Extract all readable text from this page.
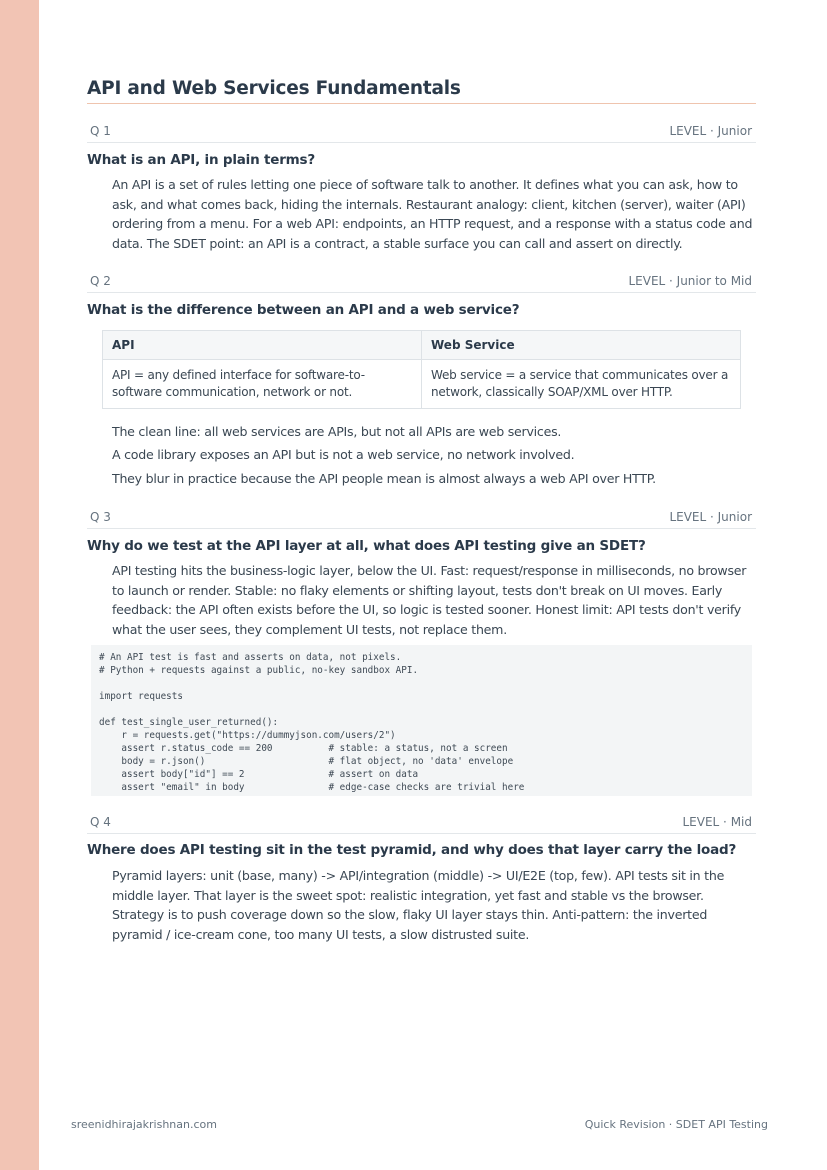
API and Web Services Fundamentals
Q 1	LEVEL · Junior
What is an API, in plain terms?
An API is a set of rules letting one piece of software talk to another. It defines what you can ask, how to ask, and what comes back, hiding the internals. Restaurant analogy: client, kitchen (server), waiter (API) ordering from a menu. For a web API: endpoints, an HTTP request, and a response with a status code and data. The SDET point: an API is a contract, a stable surface you can call and assert on directly.
Q 2	LEVEL · Junior to Mid
What is the difference between an API and a web service?
API	Web Service
API = any defined interface for software-to-software communication, network or not.	Web service = a service that communicates over a network, classically SOAP/XML over HTTP.
The clean line: all web services are APIs, but not all APIs are web services.
A code library exposes an API but is not a web service, no network involved.
They blur in practice because the API people mean is almost always a web API over HTTP.
Q 3	LEVEL · Junior
Why do we test at the API layer at all, what does API testing give an SDET?
API testing hits the business-logic layer, below the UI. Fast: request/response in milliseconds, no browser to launch or render. Stable: no flaky elements or shifting layout, tests don't break on UI moves. Early feedback: the API often exists before the UI, so logic is tested sooner. Honest limit: API tests don't verify what the user sees, they complement UI tests, not replace them.
# An API test is fast and asserts on data, not pixels.
# Python + requests against a public, no-key sandbox API.

import requests

def test_single_user_returned():
r = requests.get("https://dummyjson.com/users/2")
assert r.status_code == 200          # stable: a status, not a screen
body = r.json()                      # flat object, no 'data' envelope
assert body["id"] == 2               # assert on data
assert "email" in body               # edge-case checks are trivial here
Q 4	LEVEL · Mid
Where does API testing sit in the test pyramid, and why does that layer carry the load?
Pyramid layers: unit (base, many) -> API/integration (middle) -> UI/E2E (top, few). API tests sit in the middle layer. That layer is the sweet spot: realistic integration, yet fast and stable vs the browser. Strategy is to push coverage down so the slow, flaky UI layer stays thin. Anti-pattern: the inverted pyramid / ice-cream cone, too many UI tests, a slow distrusted suite.
sreenidhirajakrishnan.com	Quick Revision · SDET API Testing
